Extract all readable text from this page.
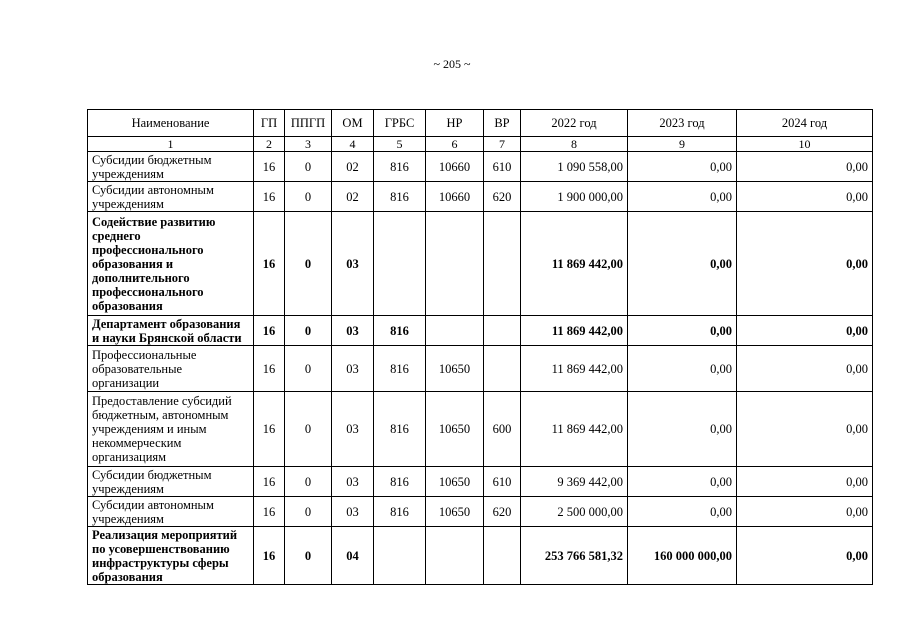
~ 205 ~
Наименование	ГП	ППГП	ОМ	ГРБС	НР	ВР	2022 год	2023 год	2024 год
1	2	3	4	5	6	7	8	9	10
Субсидии бюджетным учреждениям	16	0	02	816	10660	610	1 090 558,00	0,00	0,00
Субсидии автономным учреждениям	16	0	02	816	10660	620	1 900 000,00	0,00	0,00
Содействие развитию среднего профессионального образования и дополнительного профессионального образования	16	0	03				11 869 442,00	0,00	0,00
Департамент образования и науки Брянской области	16	0	03	816			11 869 442,00	0,00	0,00
Профессиональные образовательные организации	16	0	03	816	10650		11 869 442,00	0,00	0,00
Предоставление субсидий бюджетным, автономным учреждениям и иным некоммерческим организациям	16	0	03	816	10650	600	11 869 442,00	0,00	0,00
Субсидии бюджетным учреждениям	16	0	03	816	10650	610	9 369 442,00	0,00	0,00
Субсидии автономным учреждениям	16	0	03	816	10650	620	2 500 000,00	0,00	0,00
Реализация мероприятий по усовершенствованию инфраструктуры сферы образования	16	0	04				253 766 581,32	160 000 000,00	0,00
